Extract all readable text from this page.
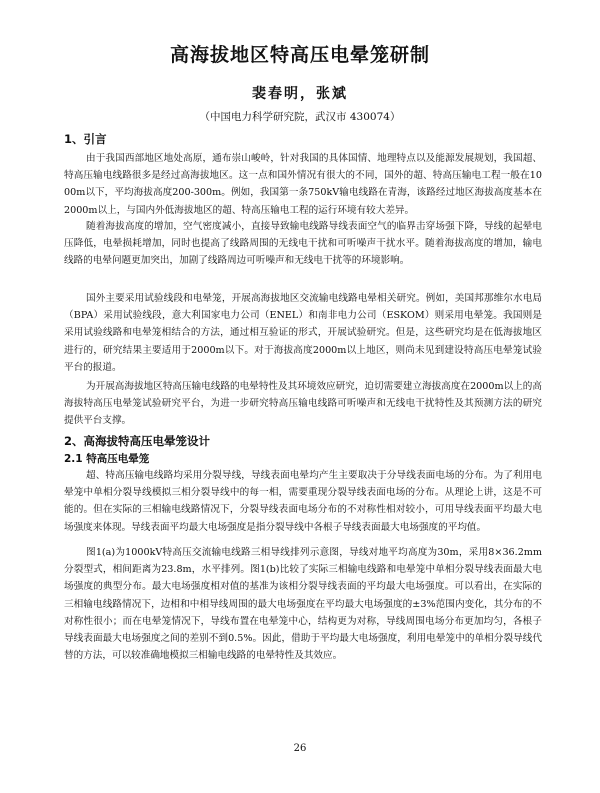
高海拔地区特高压电晕笼研制
裴春明，张斌
（中国电力科学研究院，武汉市 430074）
1、引言

由于我国西部地区地处高原，通布崇山峻岭，针对我国的具体国情、地理特点以及能源发展规划，我国超、特高压输电线路很多是经过高海拔地区。这一点和国外情况有很大的不同，国外的超、特高压输电工程一般在1000m以下，平均海拔高度200-300m。例如，我国第一条750kV输电线路在青海，该路经过地区海拔高度基本在2000m以上，与国内外低海拔地区的超、特高压输电工程的运行环境有较大差异。

随着海拔高度的增加，空气密度减小，直接导致输电线路导线表面空气的临界击穿场强下降，导线的起晕电压降低，电晕损耗增加，同时也提高了线路周围的无线电干扰和可听噪声干扰水平。随着海拔高度的增加，输电线路的电晕问题更加突出，加剧了线路周边可听噪声和无线电干扰等的环境影响。

国外主要采用试验线段和电晕笼，开展高海拔地区交流输电线路电晕相关研究。例如，美国邦那维尔水电局（BPA）采用试验线段，意大利国家电力公司（ENEL）和南非电力公司（ESKOM）则采用电晕笼。我国则是采用试验线路和电晕笼相结合的方法，通过相互验证的形式，开展试验研究。但是，这些研究均是在低海拔地区进行的，研究结果主要适用于2000m以下。对于海拔高度2000m以上地区，则尚未见到建设特高压电晕笼试验平台的报道。

为开展高海拔地区特高压输电线路的电晕特性及其环境效应研究，迫切需要建立海拔高度在2000m以上的高海拔特高压电晕笼试验研究平台，为进一步研究特高压输电线路可听噪声和无线电干扰特性及其预测方法的研究提供平台支撑。

2、高海拔特高压电晕笼设计
2.1 特高压电晕笼

超、特高压输电线路均采用分裂导线，导线表面电晕均产生主要取决于分导线表面电场的分布。为了利用电晕笼中单相分裂导线模拟三相分裂导线中的每一相，需要重现分裂导线表面电场的分布。从理论上讲，这是不可能的。但在实际的三相输电线路情况下，分裂导线表面电场分布的不对称性相对较小，可用导线表面平均最大电场强度来体现。导线表面平均最大电场强度是指分裂导线中各根子导线表面最大电场强度的平均值。

图1(a)为1000kV特高压交流输电线路三相导线排列示意图，导线对地平均高度为30m，采用8×36.2mm分裂型式，相间距离为23.8m，水平排列。图1(b)比较了实际三相输电线路和电晕笼中单相分裂导线表面最大电场强度的典型分布。最大电场强度相对值的基准为该相分裂导线表面的平均最大电场强度。可以看出，在实际的三相输电线路情况下，边相和中相导线周围的最大电场强度在平均最大电场强度的±3%范围内变化，其分布的不对称性很小；而在电晕笼情况下，导线布置在电晕笼中心，结构更为对称，导线周围电场分布更加均匀，各根子导线表面最大电场强度之间的差别不到0.5%。因此，借助于平均最大电场强度，利用电晕笼中的单相分裂导线代替的方法，可以较准确地模拟三相输电线路的电晕特性及其效应。

26
